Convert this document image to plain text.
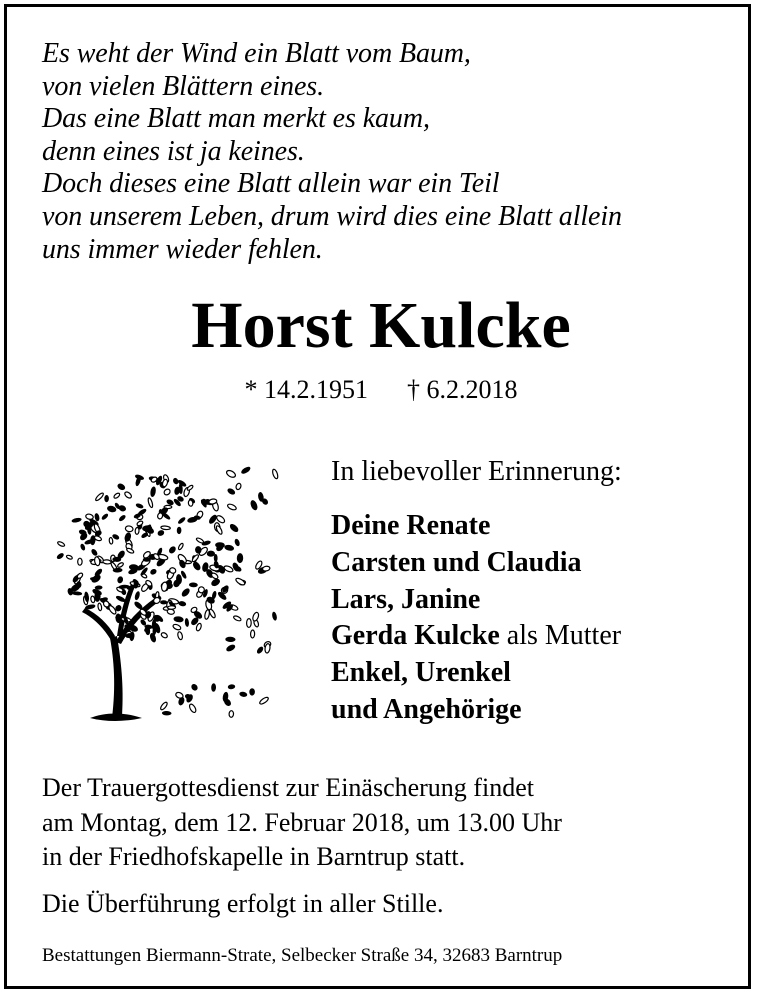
Es weht der Wind ein Blatt vom Baum,
von vielen Blättern eines.
Das eine Blatt man merkt es kaum,
denn eines ist ja keines.
Doch dieses eine Blatt allein war ein Teil
von unserem Leben, drum wird dies eine Blatt allein
uns immer wieder fehlen.
Horst Kulcke
* 14.2.1951 † 6.2.2018
In liebevoller Erinnerung:
Deine Renate
Carsten und Claudia
Lars, Janine
Gerda Kulcke als Mutter
Enkel, Urenkel
und Angehörige
Der Trauergottesdienst zur Einäscherung findet
am Montag, dem 12. Februar 2018, um 13.00 Uhr
in der Friedhofskapelle in Barntrup statt.
Die Überführung erfolgt in aller Stille.
Bestattungen Biermann-Strate, Selbecker Straße 34, 32683 Barntrup
